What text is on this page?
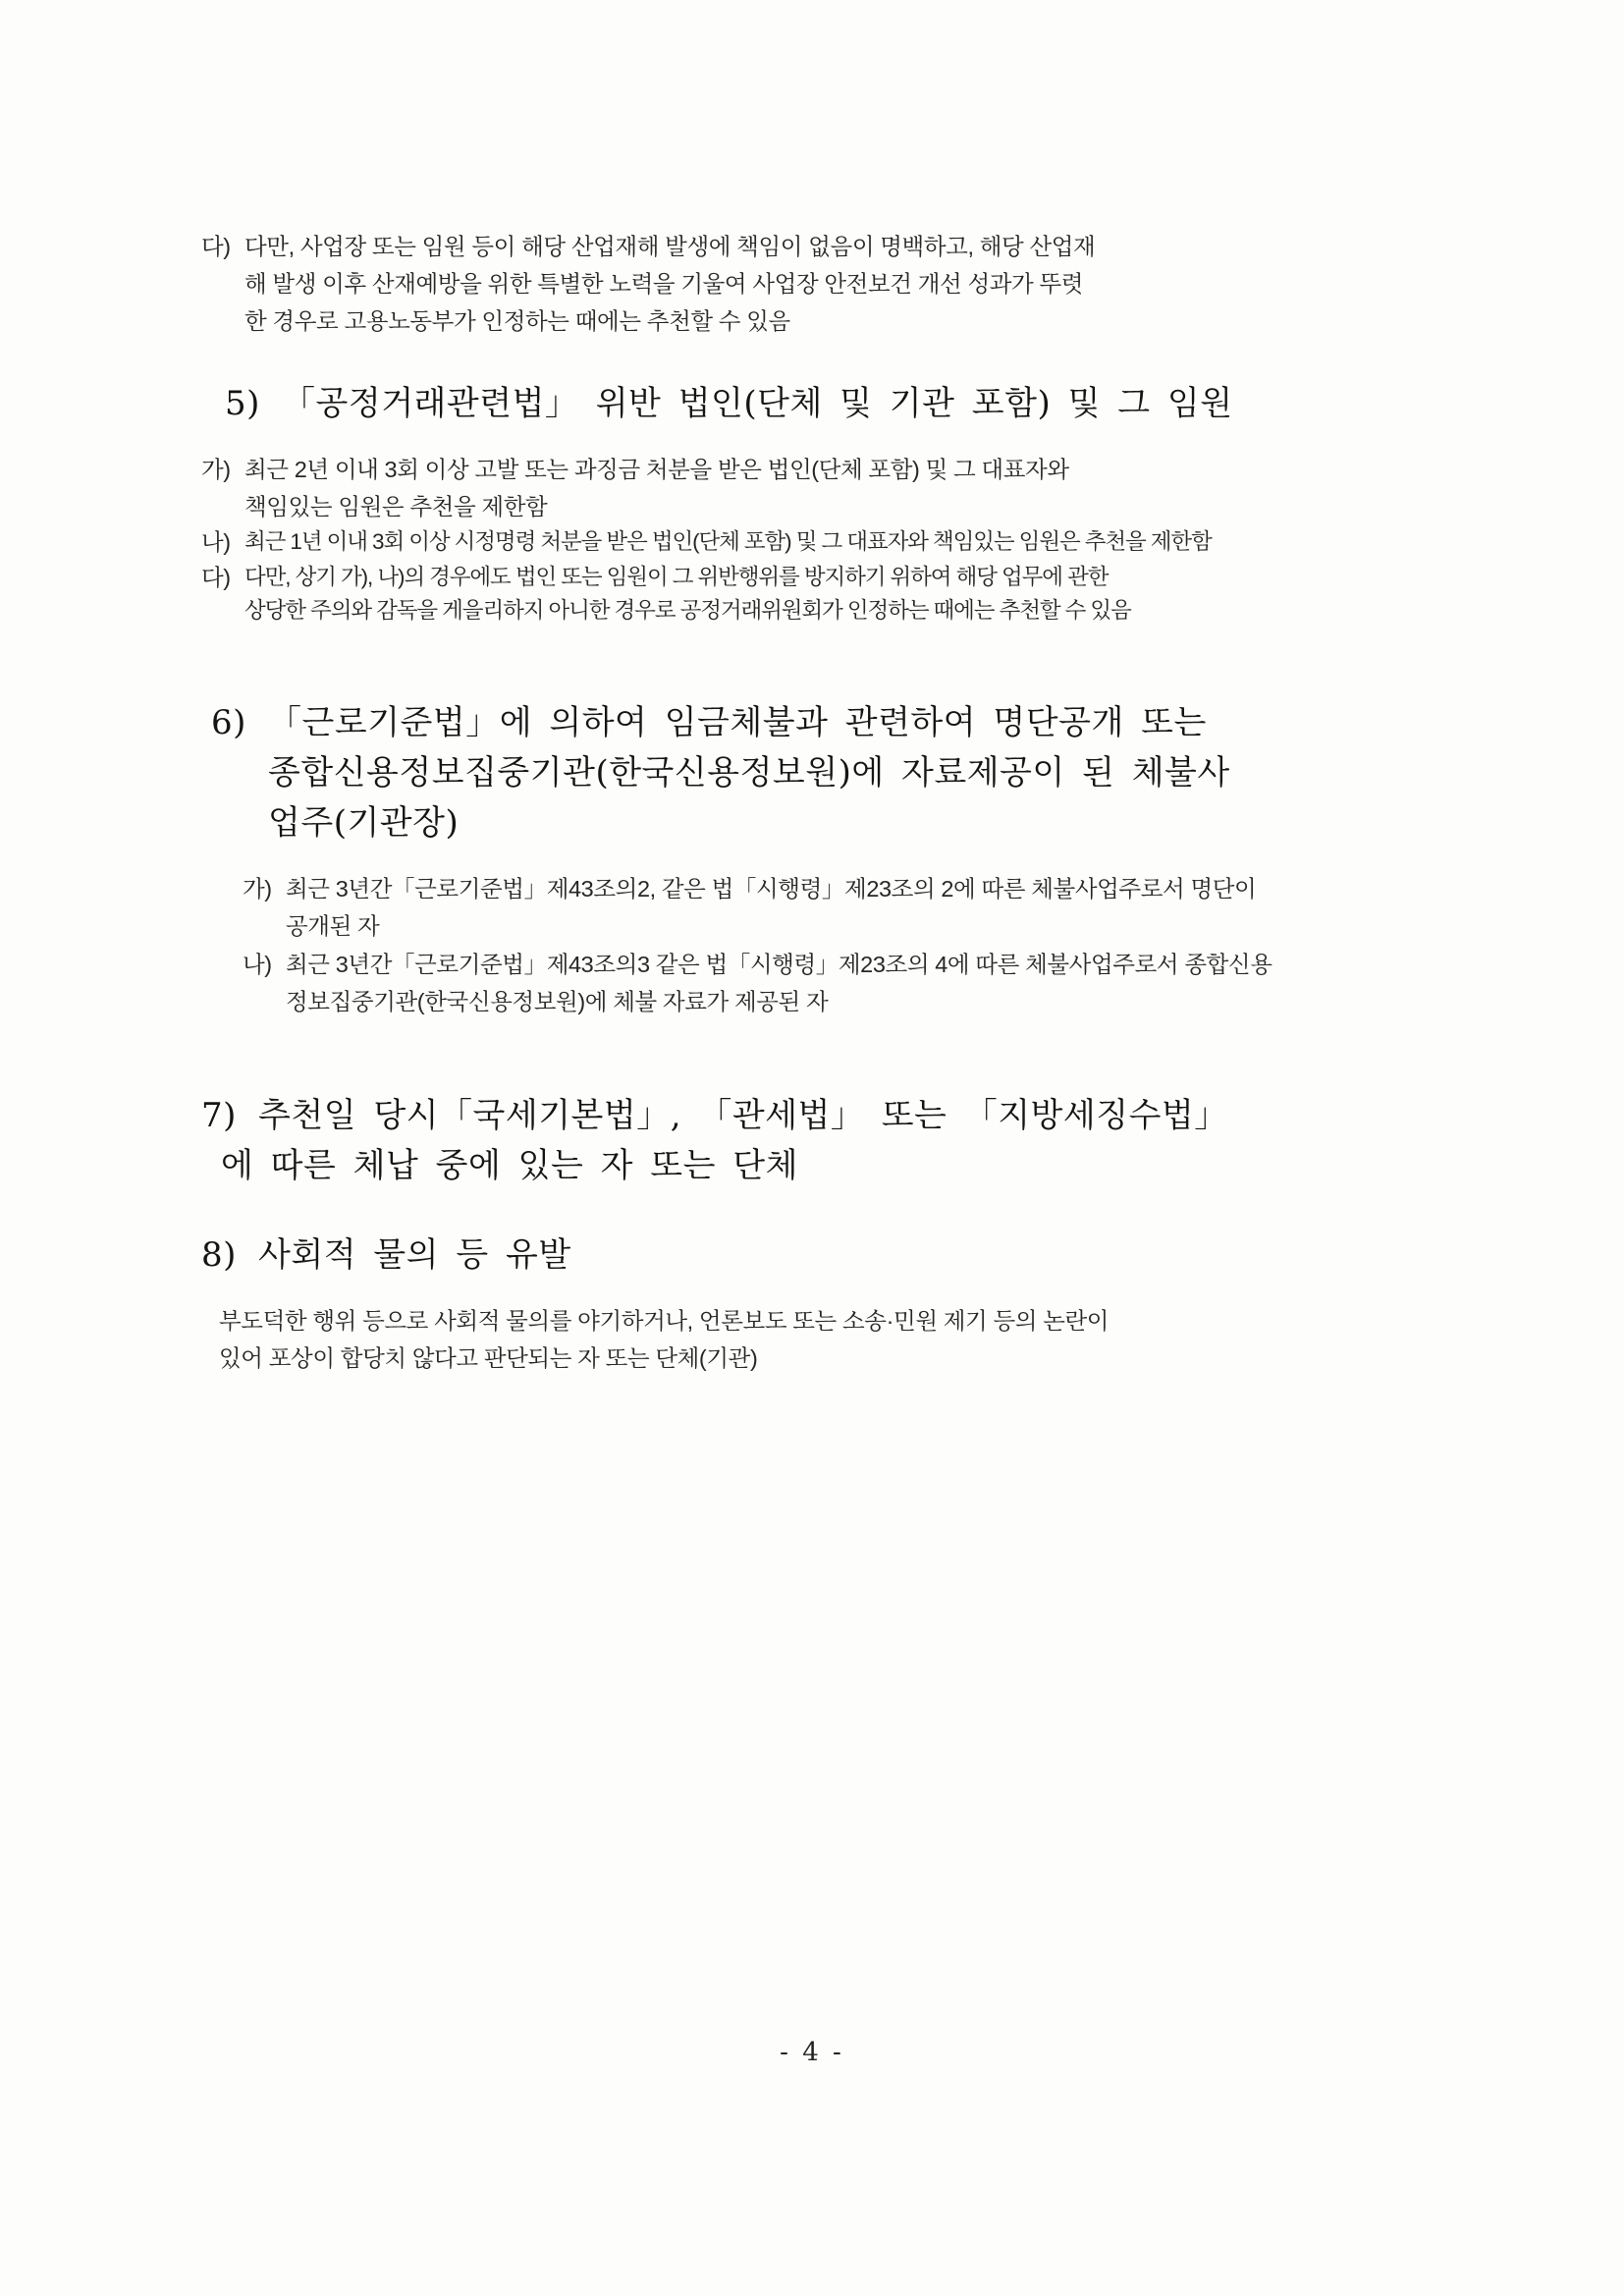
다) 다만, 사업장 또는 임원 등이 해당 산업재해 발생에 책임이 없음이 명백하고, 해당 산업재
해 발생 이후 산재예방을 위한 특별한 노력을 기울여 사업장 안전보건 개선 성과가 뚜렷
한 경우로 고용노동부가 인정하는 때에는 추천할 수 있음
5) 「공정거래관련법」 위반 법인(단체 및 기관 포함) 및 그 임원
가) 최근 2년 이내 3회 이상 고발 또는 과징금 처분을 받은 법인(단체 포함) 및 그 대표자와
책임있는 임원은 추천을 제한함
나) 최근 1년 이내 3회 이상 시정명령 처분을 받은 법인(단체 포함) 및 그 대표자와 책임있는 임원은 추천을 제한함
다) 다만, 상기 가), 나)의 경우에도 법인 또는 임원이 그 위반행위를 방지하기 위하여 해당 업무에 관한
상당한 주의와 감독을 게을리하지 아니한 경우로 공정거래위원회가 인정하는 때에는 추천할 수 있음
6) 「근로기준법」에 의하여 임금체불과 관련하여 명단공개 또는
종합신용정보집중기관(한국신용정보원)에 자료제공이 된 체불사
업주(기관장)
가) 최근 3년간「근로기준법」제43조의2, 같은 법「시행령」제23조의 2에 따른 체불사업주로서 명단이
공개된 자
나) 최근 3년간「근로기준법」제43조의3 같은 법「시행령」제23조의 4에 따른 체불사업주로서 종합신용
정보집중기관(한국신용정보원)에 체불 자료가 제공된 자
7) 추천일 당시「국세기본법」, 「관세법」 또는 「지방세징수법」
에 따른 체납 중에 있는 자 또는 단체
8) 사회적 물의 등 유발
부도덕한 행위 등으로 사회적 물의를 야기하거나, 언론보도 또는 소송·민원 제기 등의 논란이
있어 포상이 합당치 않다고 판단되는 자 또는 단체(기관)
- 4 -
